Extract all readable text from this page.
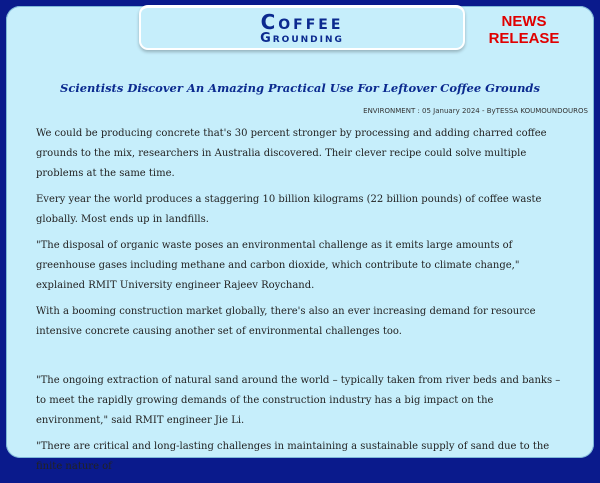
Coffee
Grounding
NEWS
RELEASE
Scientists Discover An Amazing Practical Use For Leftover Coffee Grounds
ENVIRONMENT : 05 January 2024 - ByTESSA KOUMOUNDOUROS

We could be producing concrete that's 30 percent stronger by processing and adding charred coffee grounds to the mix, researchers in Australia discovered. Their clever recipe could solve multiple problems at the same time.

Every year the world produces a staggering 10 billion kilograms (22 billion pounds) of coffee waste globally. Most ends up in landfills.

"The disposal of organic waste poses an environmental challenge as it emits large amounts of greenhouse gases including methane and carbon dioxide, which contribute to climate change," explained RMIT University engineer Rajeev Roychand.

With a booming construction market globally, there's also an ever increasing demand for resource intensive concrete causing another set of environmental challenges too.

"The ongoing extraction of natural sand around the world – typically taken from river beds and banks – to meet the rapidly growing demands of the construction industry has a big impact on the environment," said RMIT engineer Jie Li.

"There are critical and long-lasting challenges in maintaining a sustainable supply of sand due to the finite nature of
